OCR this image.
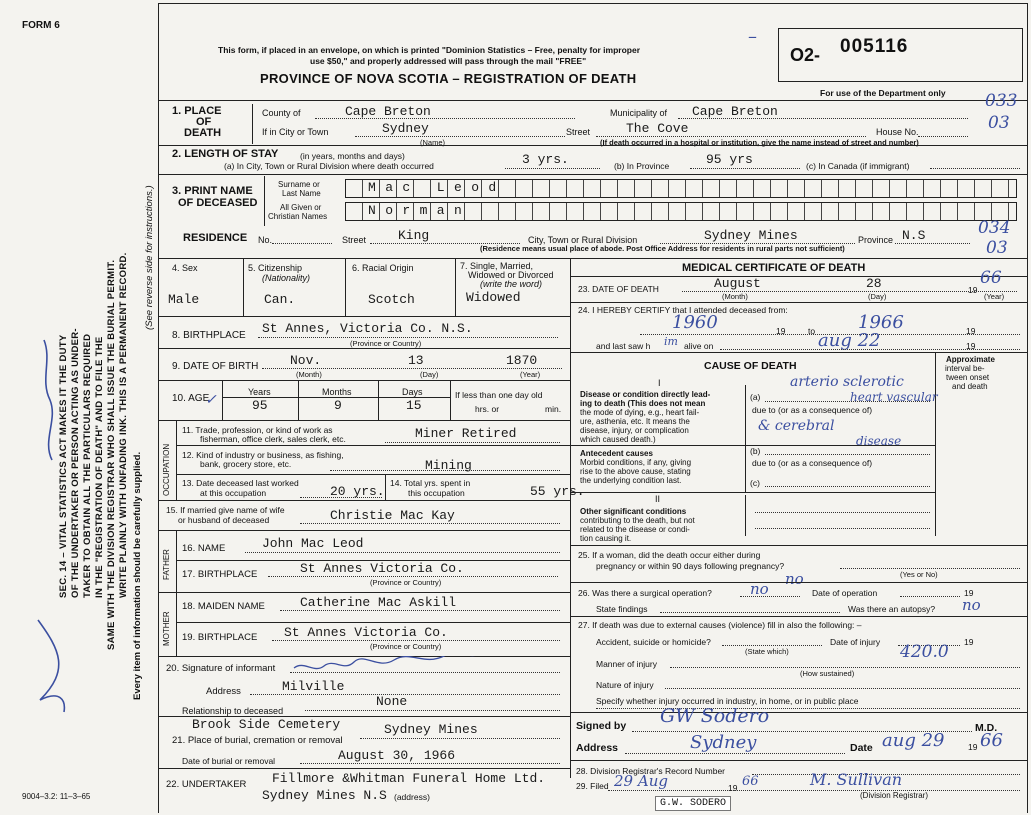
FORM 6
SEC. 14 – VITAL STATISTICS ACT MAKES IT THE DUTY OF THE UNDERTAKER OR PERSON ACTING AS UNDER- TAKER TO OBTAIN ALL THE PARTICULARS REQUIRED IN THE "REGISTRATION OF DEATH" AND TO FILE THE SAME WITH THE DIVISION REGISTRAR WHO SHALL ISSUE THE BURIAL PERMIT. WRITE PLAINLY WITH UNFADING INK. THIS IS A PERMANENT RECORD. Every item of information should be carefully supplied.
(See reverse side for instructions.)
9004–3.2: 11–3–65
This form, if placed in an envelope, on which is printed "Dominion Statistics – Free, penalty for improper
use $50," and properly addressed will pass through the mail "FREE"
PROVINCE OF NOVA SCOTIA – REGISTRATION OF DEATH
O2- 005116
–
For use of the Department only
1. PLACE
OF
DEATH
County of	Cape Breton	Municipality of Cape Breton
If in City or Town	Sydney
(Name)
Street	The Cove	House No.
(If death occurred in a hospital or institution, give the name instead of street and number)
033
03
2. LENGTH OF STAY	(in years, months and days)
(a) In City, Town or Rural Division where death occurred	3 yrs.	(b) In Province	95 yrs	(c) In Canada (if immigrant)
3. PRINT NAME
OF DECEASED
Surname or
Last Name
All Given or
Christian Names
Mac Leod
Norman
RESIDENCE No.	Street King	City, Town or Rural Division	Sydney Mines	Province N.S
(Residence means usual place of abode. Post Office Address for residents in rural parts not sufficient)
034
03
4. Sex
Male
5. Citizenship
(Nationality)
Can.
6. Racial Origin
Scotch
7. Single, Married,
Widowed or Divorced
(write the word)
Widowed
8. BIRTHPLACE St Annes, Victoria Co. N.S.
(Province or Country)
9. DATE OF BIRTH Nov.	13	1870
(Month)	(Day)	(Year)
10. AGE
✓	Years
95
Months
9
Days
15
If less than one day old
hrs. or	min.
OCCUPATION
11. Trade, profession, or kind of work as
fisherman, office clerk, sales clerk, etc.	Miner Retired
12. Kind of industry or business, as fishing,
bank, grocery store, etc.	Mining
13. Date deceased last worked
at this occupation	20 yrs.
14. Total yrs. spent in
this occupation	55 yrs.
15. If married give name of wife
or husband of deceased	Christie Mac Kay
FATHER
16. NAME	John Mac Leod
17. BIRTHPLACE	St Annes Victoria Co.
(Province or Country)
MOTHER
18. MAIDEN NAME	Catherine Mac Askill
19. BIRTHPLACE St Annes Victoria Co.
(Province or Country)
20. Signature of informant
Address	Milville
None
Relationship to deceased
Brook Side Cemetery	Sydney Mines
21. Place of burial, cremation or removal
Date of burial or removal	August 30, 1966
22. UNDERTAKER Fillmore &Whitman Funeral Home Ltd.
Sydney Mines N.S (address)
MEDICAL CERTIFICATE OF DEATH
23. DATE OF DEATH	August	28	19
66
(Month)	(Day)	(Year)
24. I HEREBY CERTIFY that I attended deceased from:
1960	19	to 1966	19
and last saw h im alive on	aug 22	19
CAUSE OF DEATH
Approximate
interval be-
tween onset
and death
I
Disease or condition directly lead-
ing to death (This does not mean
the mode of dying, e.g., heart fail-
ure, asthenia, etc. It means the
disease, injury, or complication
which caused death.)
(a)
arterio sclerotic
heart vascular
due to (or as a consequence of)
& cerebral
disease
Antecedent causes
Morbid conditions, if any, giving
rise to the above cause, stating
the underlying condition last.
(b)
due to (or as a consequence of)
(c)
II
Other significant conditions
contributing to the death, but not
related to the disease or condi-
tion causing it.
25. If a woman, did the death occur either during
pregnancy or within 90 days following pregnancy?
no	(Yes or No)
26. Was there a surgical operation?	no	Date of operation	19
State findings	Was there an autopsy? no
27. If death was due to external causes (violence) fill in also the following: –
Accident, suicide or homicide?	Date of injury	19
(State which)
Manner of injury
420.0
(How sustained)
Nature of injury
Specify whether injury occurred in industry, in home, or in public place
Signed by GW Sodero
M.D.
Address	Sydney	Date aug 29	19 66
28. Division Registrar's Record Number
29. Filed 29 Aug	19 66	M. Sullivan
(Division Registrar)
G.W. SODERO
